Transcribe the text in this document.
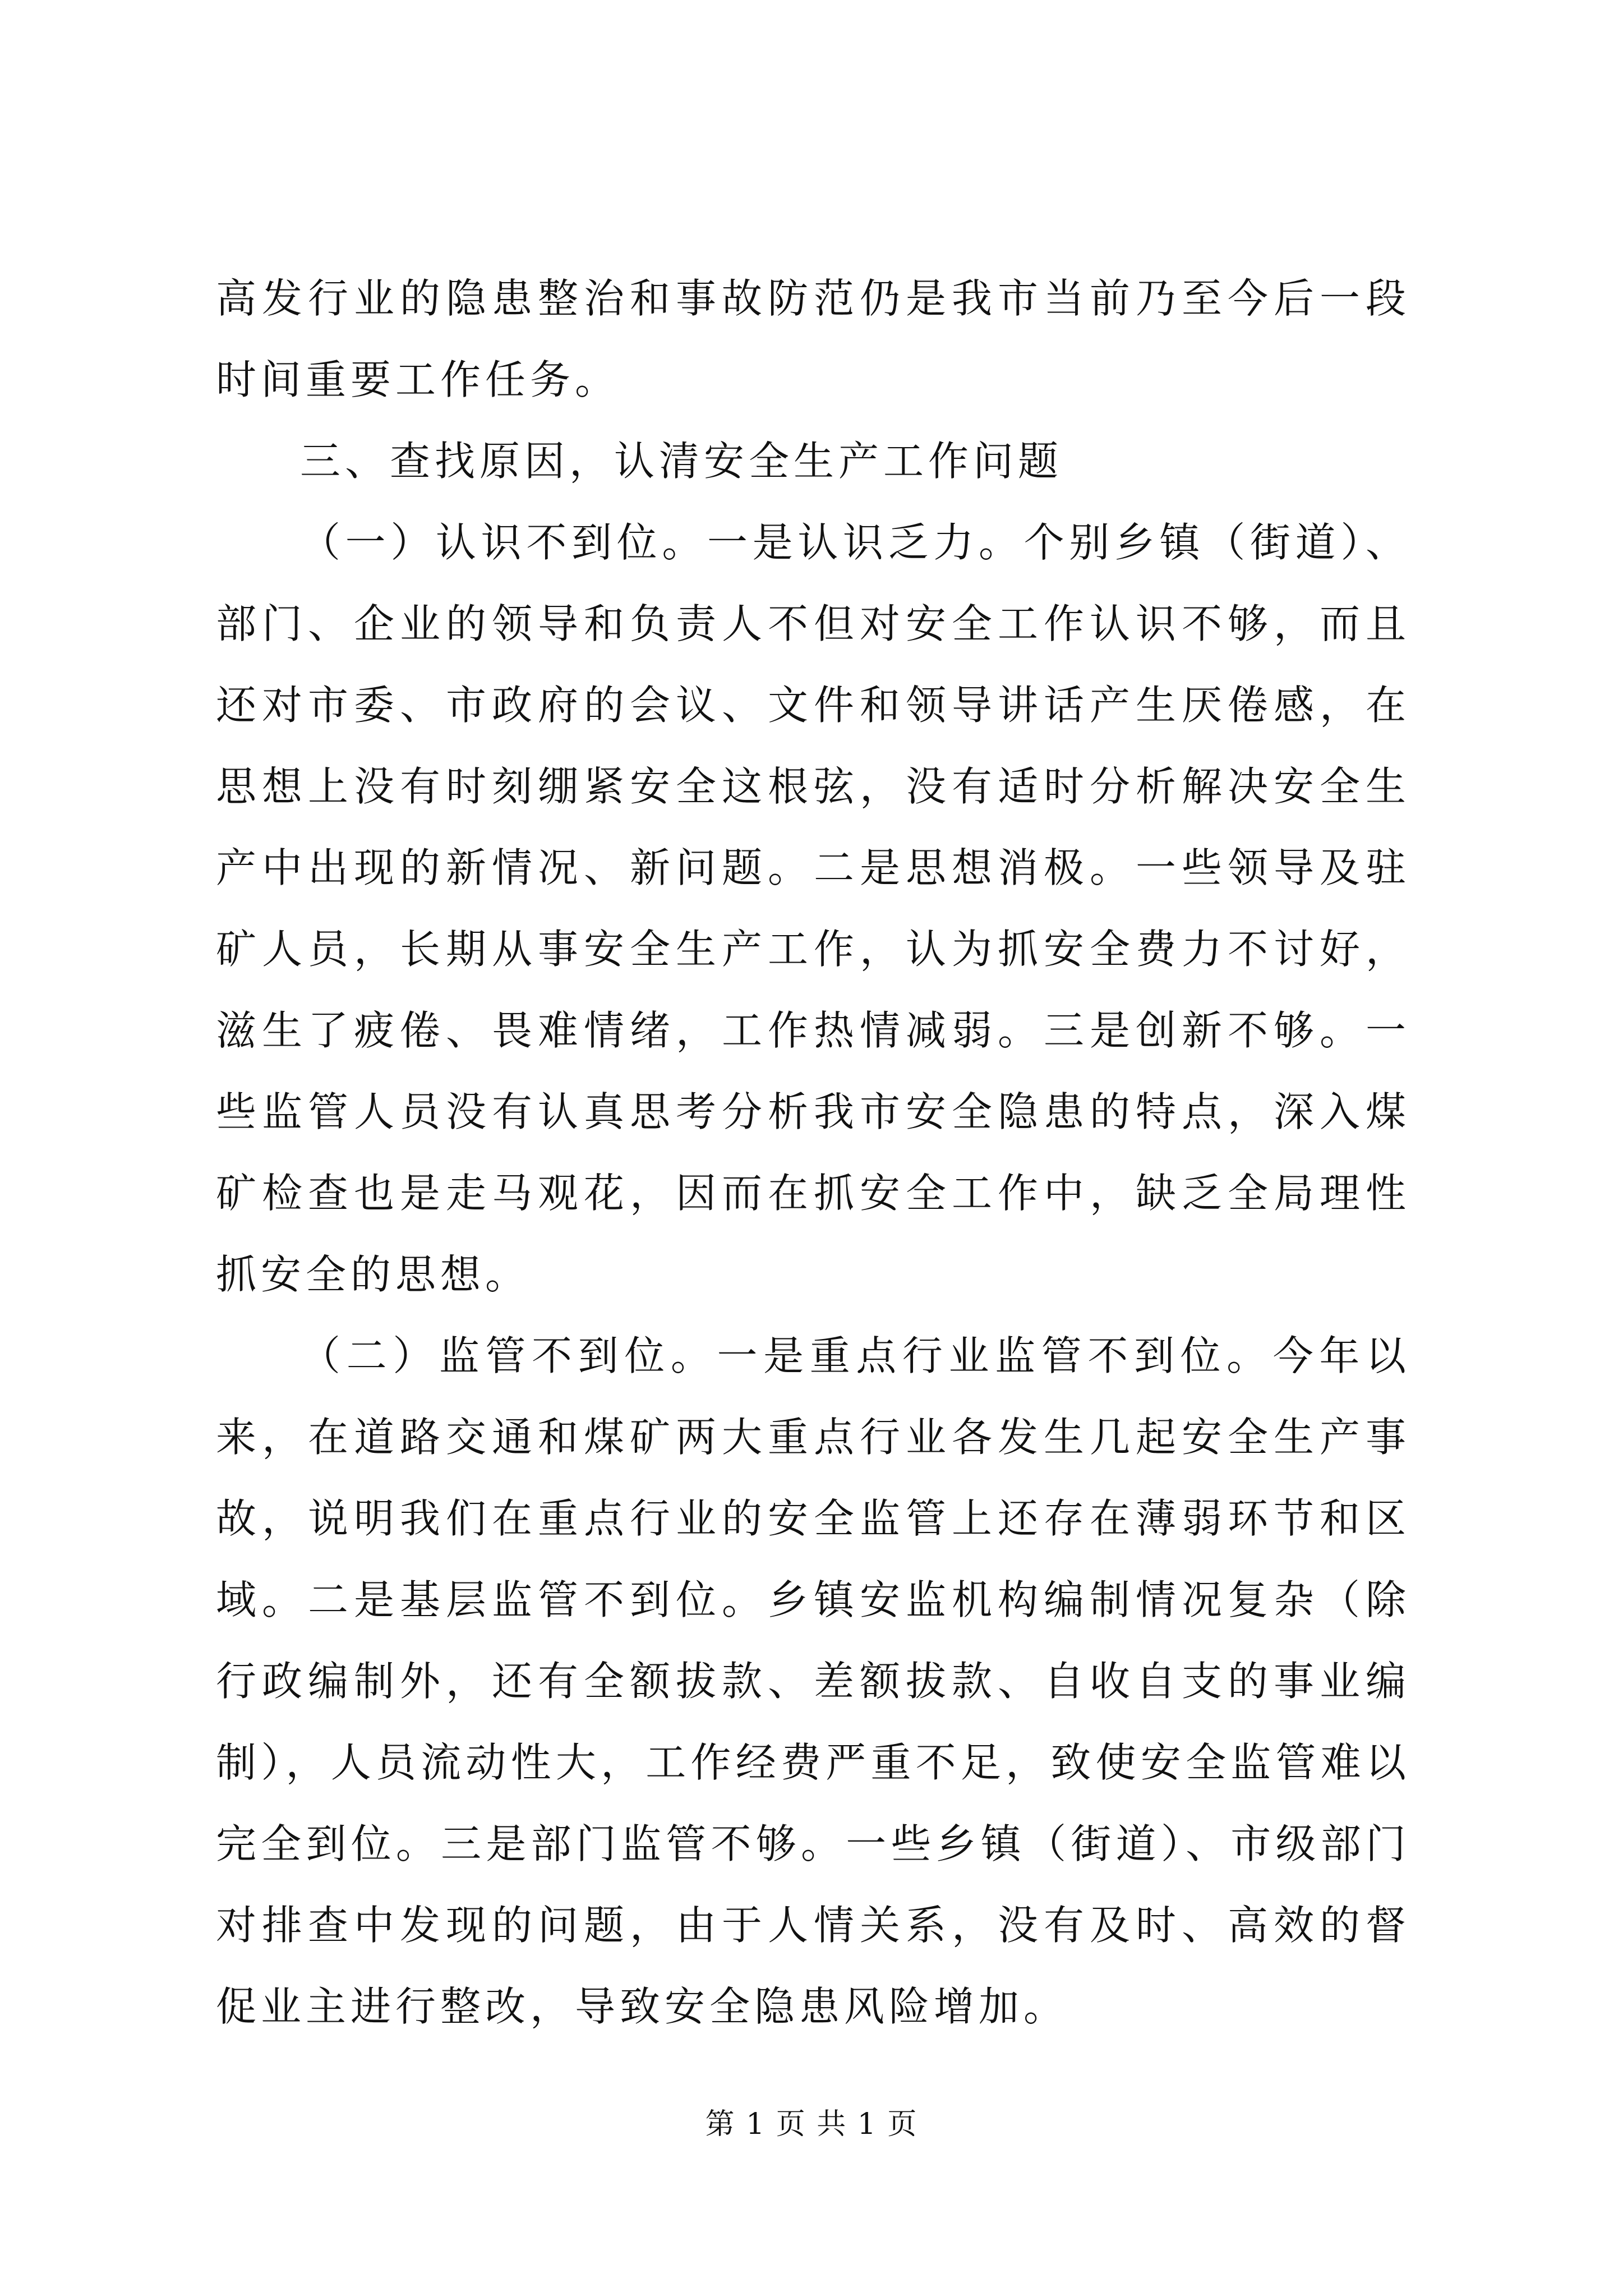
高发行业的隐患整治和事故防范仍是我市当前乃至今后一段时间重要工作任务。

三、查找原因，认清安全生产工作问题

（一）认识不到位。一是认识乏力。个别乡镇（街道）、部门、企业的领导和负责人不但对安全工作认识不够，而且还对市委、市政府的会议、文件和领导讲话产生厌倦感，在思想上没有时刻绷紧安全这根弦，没有适时分析解决安全生产中出现的新情况、新问题。二是思想消极。一些领导及驻矿人员，长期从事安全生产工作，认为抓安全费力不讨好，滋生了疲倦、畏难情绪，工作热情减弱。三是创新不够。一些监管人员没有认真思考分析我市安全隐患的特点，深入煤矿检查也是走马观花，因而在抓安全工作中，缺乏全局理性抓安全的思想。

（二）监管不到位。一是重点行业监管不到位。今年以来，在道路交通和煤矿两大重点行业各发生几起安全生产事故，说明我们在重点行业的安全监管上还存在薄弱环节和区域。二是基层监管不到位。乡镇安监机构编制情况复杂（除行政编制外，还有全额拔款、差额拔款、自收自支的事业编制），人员流动性大，工作经费严重不足，致使安全监管难以完全到位。三是部门监管不够。一些乡镇（街道）、市级部门对排查中发现的问题，由于人情关系，没有及时、高效的督促业主进行整改，导致安全隐患风险增加。

第 1 页 共 1 页
